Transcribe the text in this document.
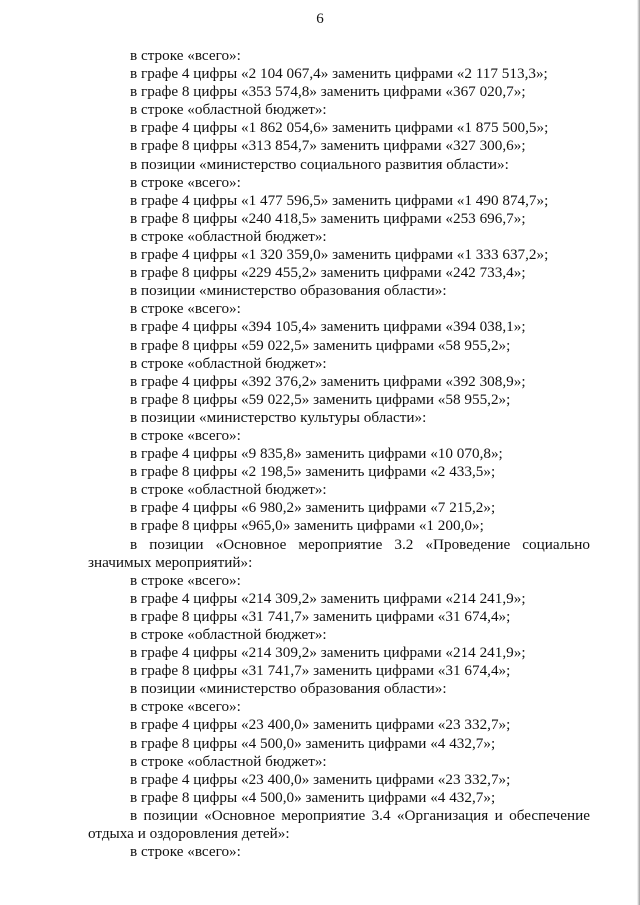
6
в строке «всего»:
в графе 4 цифры «2 104 067,4» заменить цифрами «2 117 513,3»;
в графе 8 цифры «353 574,8» заменить цифрами «367 020,7»;
в строке «областной бюджет»:
в графе 4 цифры «1 862 054,6» заменить цифрами «1 875 500,5»;
в графе 8 цифры «313 854,7» заменить цифрами «327 300,6»;
в позиции «министерство социального развития области»:
в строке «всего»:
в графе 4 цифры «1 477 596,5» заменить цифрами «1 490 874,7»;
в графе 8 цифры «240 418,5» заменить цифрами «253 696,7»;
в строке «областной бюджет»:
в графе 4 цифры «1 320 359,0» заменить цифрами «1 333 637,2»;
в графе 8 цифры «229 455,2» заменить цифрами «242 733,4»;
в позиции «министерство образования области»:
в строке «всего»:
в графе 4 цифры «394 105,4» заменить цифрами «394 038,1»;
в графе 8 цифры «59 022,5» заменить цифрами «58 955,2»;
в строке «областной бюджет»:
в графе 4 цифры «392 376,2» заменить цифрами «392 308,9»;
в графе 8 цифры «59 022,5» заменить цифрами «58 955,2»;
в позиции «министерство культуры области»:
в строке «всего»:
в графе 4 цифры «9 835,8» заменить цифрами «10 070,8»;
в графе 8 цифры «2 198,5» заменить цифрами «2 433,5»;
в строке «областной бюджет»:
в графе 4 цифры «6 980,2» заменить цифрами «7 215,2»;
в графе 8 цифры «965,0» заменить цифрами «1 200,0»;
в позиции «Основное мероприятие 3.2 «Проведение социально значимых мероприятий»:
в строке «всего»:
в графе 4 цифры «214 309,2» заменить цифрами «214 241,9»;
в графе 8 цифры «31 741,7» заменить цифрами «31 674,4»;
в строке «областной бюджет»:
в графе 4 цифры «214 309,2» заменить цифрами «214 241,9»;
в графе 8 цифры «31 741,7» заменить цифрами «31 674,4»;
в позиции «министерство образования области»:
в строке «всего»:
в графе 4 цифры «23 400,0» заменить цифрами «23 332,7»;
в графе 8 цифры «4 500,0» заменить цифрами «4 432,7»;
в строке «областной бюджет»:
в графе 4 цифры «23 400,0» заменить цифрами «23 332,7»;
в графе 8 цифры «4 500,0» заменить цифрами «4 432,7»;
в позиции «Основное мероприятие 3.4 «Организация и обеспечение отдыха и оздоровления детей»:
в строке «всего»:
